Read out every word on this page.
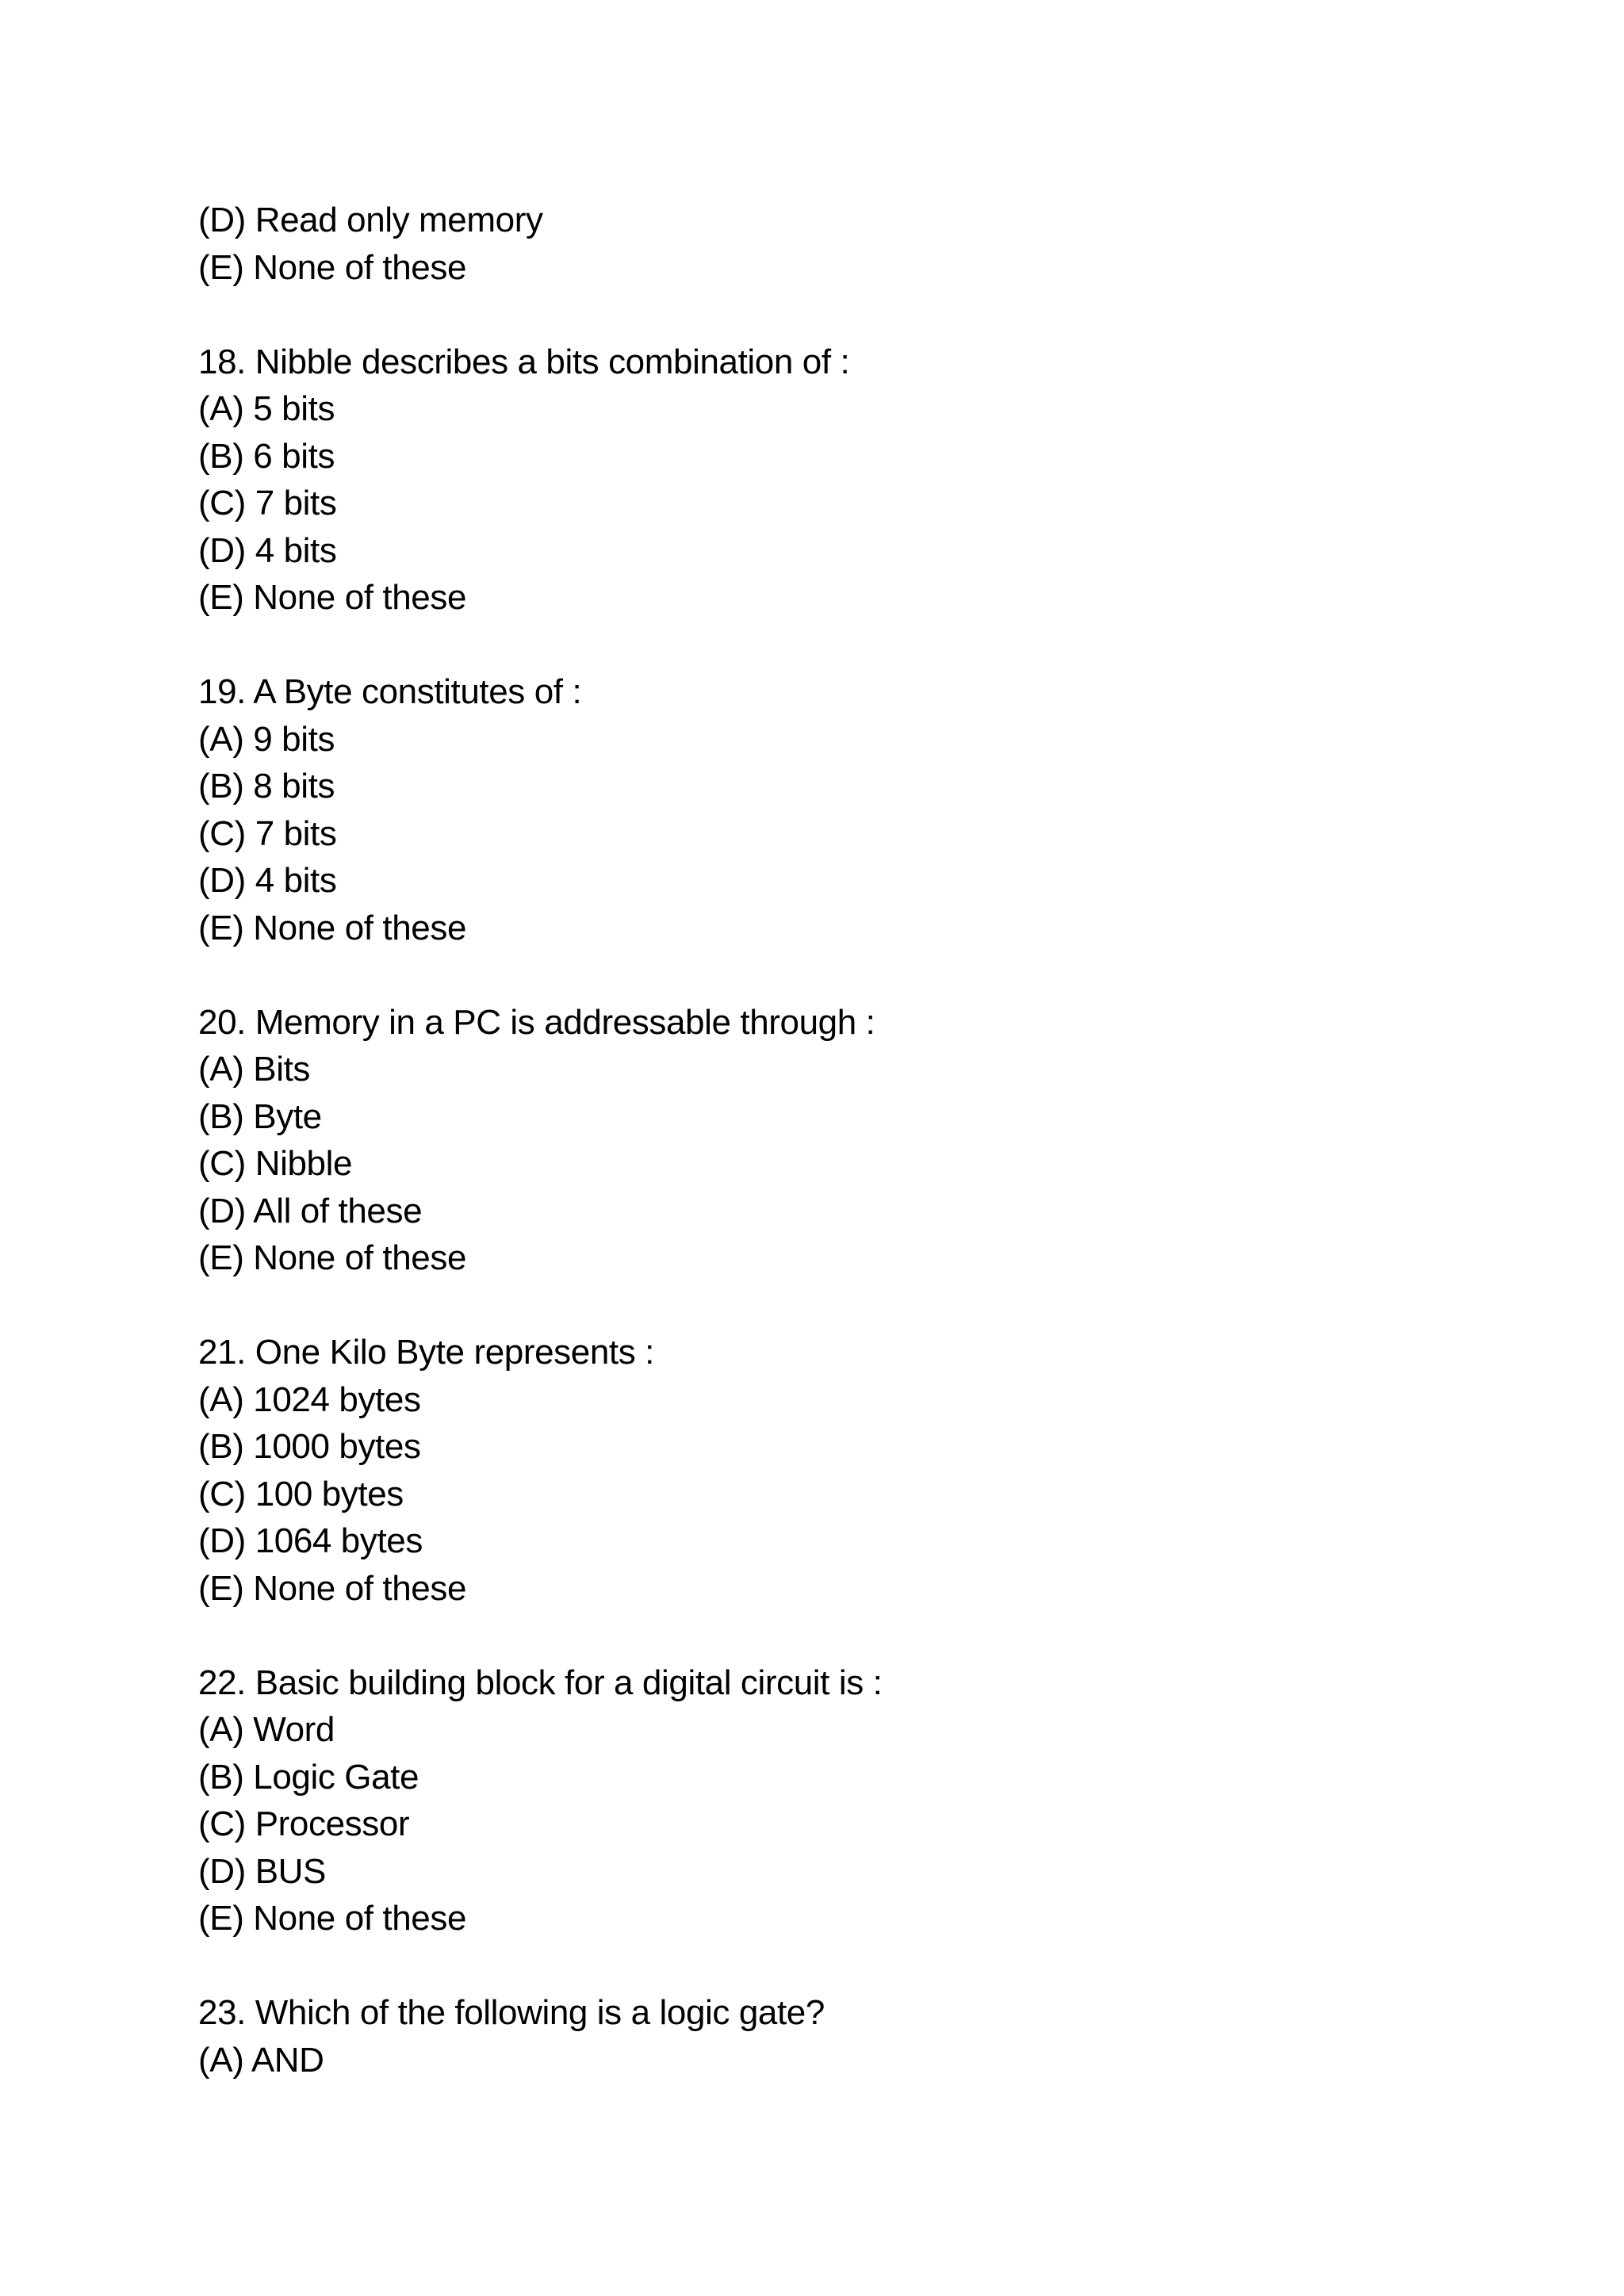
(D) Read only memory
(E) None of these
18. Nibble describes a bits combination of :
(A) 5 bits
(B) 6 bits
(C) 7 bits
(D) 4 bits
(E) None of these
19. A Byte constitutes of :
(A) 9 bits
(B) 8 bits
(C) 7 bits
(D) 4 bits
(E) None of these
20. Memory in a PC is addressable through :
(A) Bits
(B) Byte
(C) Nibble
(D) All of these
(E) None of these
21. One Kilo Byte represents :
(A) 1024 bytes
(B) 1000 bytes
(C) 100 bytes
(D) 1064 bytes
(E) None of these
22. Basic building block for a digital circuit is :
(A) Word
(B) Logic Gate
(C) Processor
(D) BUS
(E) None of these
23. Which of the following is a logic gate?
(A) AND
